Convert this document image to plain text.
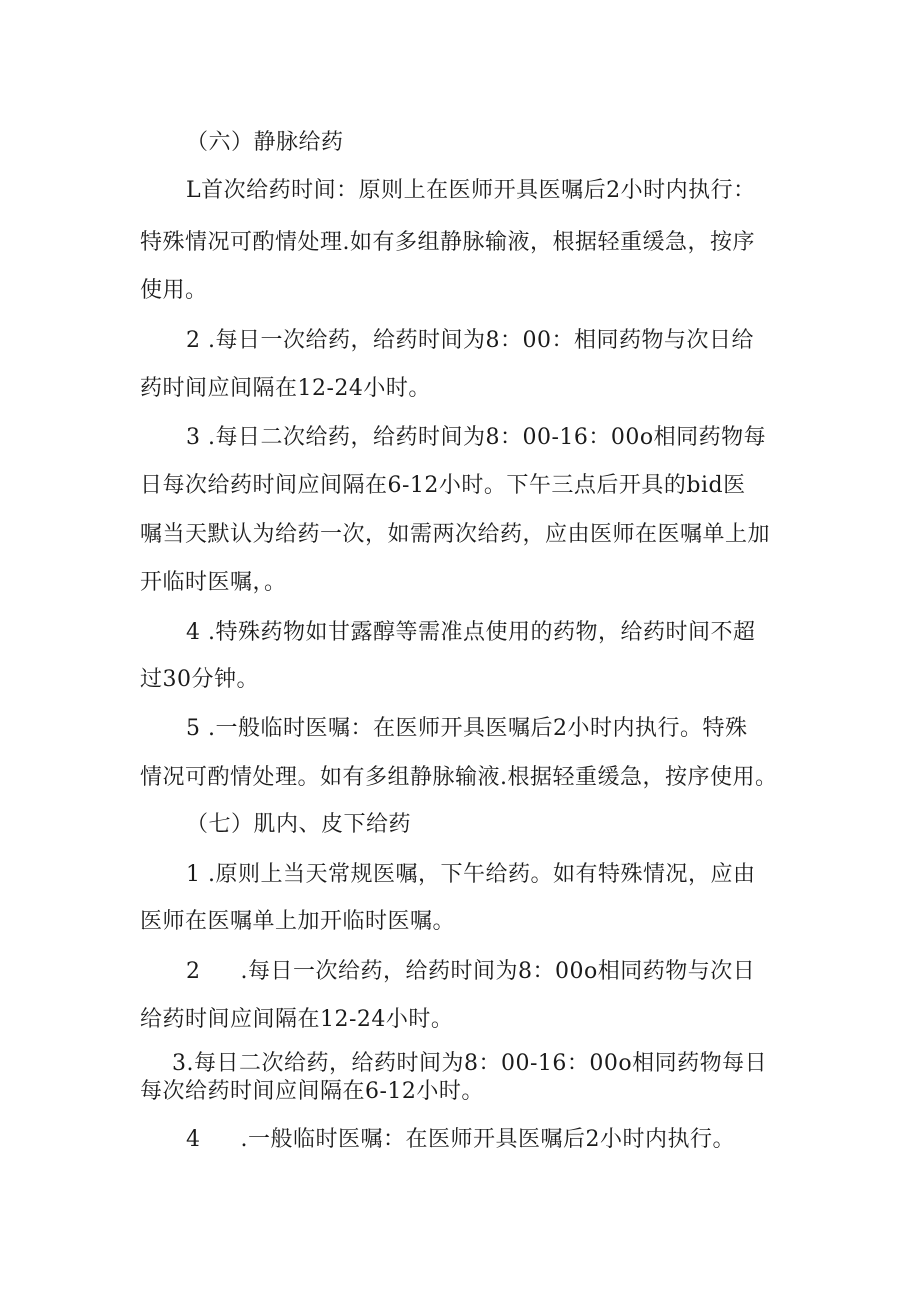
（六）静脉给药
L首次给药时间：原则上在医师开具医嘱后2小时内执行：
特殊情况可酌情处理.如有多组静脉输液，根据轻重缓急，按序
使用。
2 .每日一次给药，给药时间为8：00：相同药物与次日给
药时间应间隔在12-24小时。
3 .每日二次给药，给药时间为8：00-16：00o相同药物每
日每次给药时间应间隔在6-12小时。下午三点后开具的bid医
嘱当天默认为给药一次，如需两次给药，应由医师在医嘱单上加
开临时医嘱，。
4 .特殊药物如甘露醇等需准点使用的药物，给药时间不超
过30分钟。
5 .一般临时医嘱：在医师开具医嘱后2小时内执行。特殊
情况可酌情处理。如有多组静脉输液.根据轻重缓急，按序使用。
（七）肌内、皮下给药
1 .原则上当天常规医嘱，下午给药。如有特殊情况，应由
医师在医嘱单上加开临时医嘱。
2 .每日一次给药，给药时间为8：00o相同药物与次日
给药时间应间隔在12-24小时。
3.每日二次给药，给药时间为8：00-16：00o相同药物每日
每次给药时间应间隔在6-12小时。
4 .一般临时医嘱：在医师开具医嘱后2小时内执行。
